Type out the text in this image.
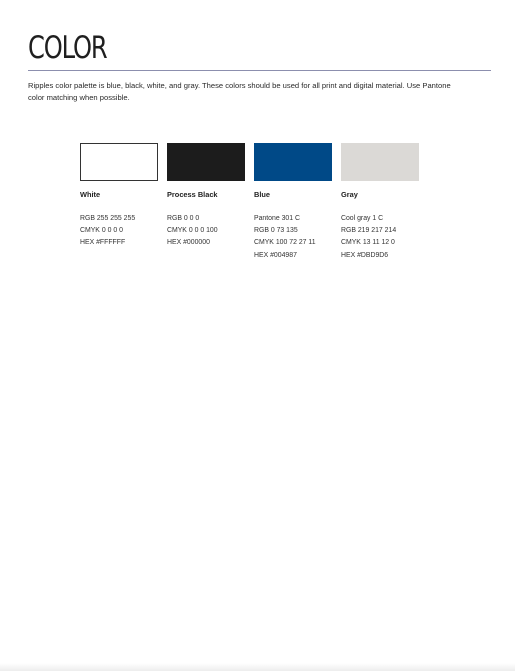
COLOR

Ripples color palette is blue, black, white, and gray. These colors should be used for all print and digital material. Use Pantone color matching when possible.

White
RGB 255 255 255
CMYK 0 0 0 0
HEX #FFFFFF
Process Black
RGB 0 0 0
CMYK 0 0 0 100
HEX #000000
Blue
Pantone 301 C
RGB 0 73 135
CMYK 100 72 27 11
HEX #004987
Gray
Cool gray 1 C
RGB 219 217 214
CMYK 13 11 12 0
HEX #DBD9D6
